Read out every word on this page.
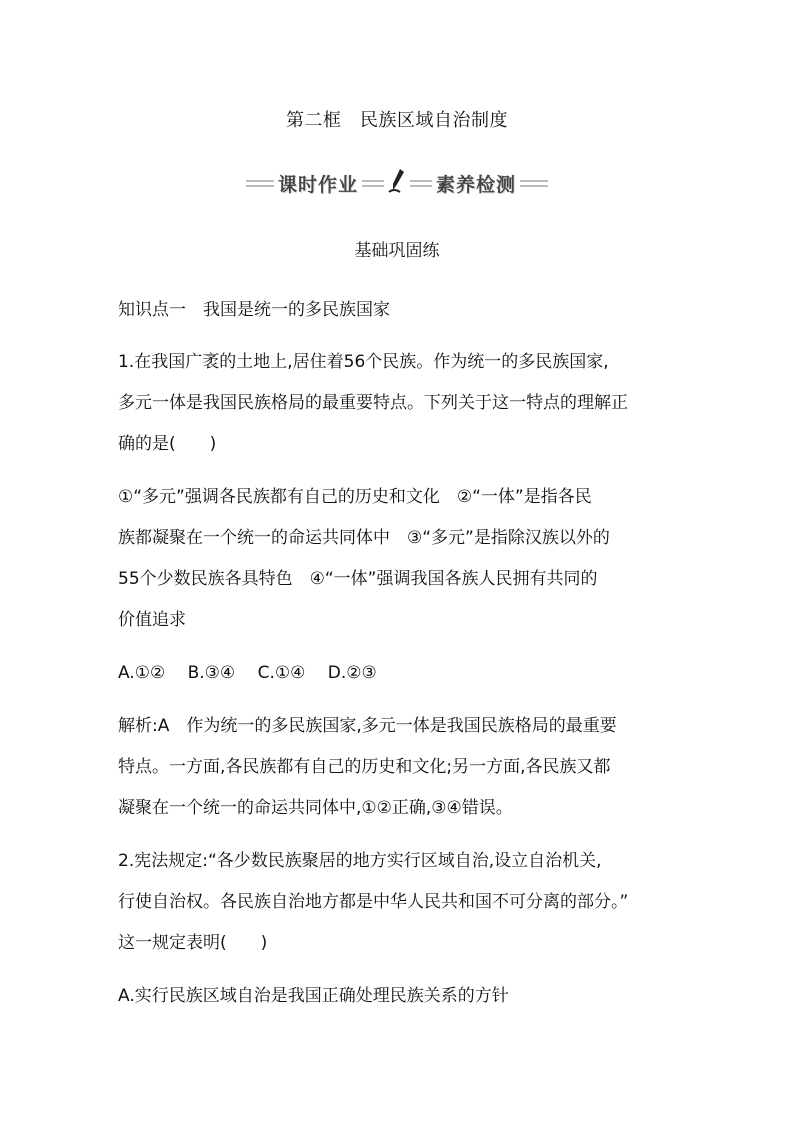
第二框　民族区域自治制度
课时作业	素养检测
基础巩固练
知识点一　我国是统一的多民族国家
1.在我国广袤的土地上,居住着56个民族。作为统一的多民族国家,
多元一体是我国民族格局的最重要特点。下列关于这一特点的理解正
确的是(　　)
①“多元”强调各民族都有自己的历史和文化　②“一体”是指各民
族都凝聚在一个统一的命运共同体中　③“多元”是指除汉族以外的
55个少数民族各具特色　④“一体”强调我国各族人民拥有共同的
价值追求
A.①②　 B.③④　 C.①④　 D.②③
解析:A　作为统一的多民族国家,多元一体是我国民族格局的最重要
特点。一方面,各民族都有自己的历史和文化;另一方面,各民族又都
凝聚在一个统一的命运共同体中,①②正确,③④错误。
2.宪法规定:“各少数民族聚居的地方实行区域自治,设立自治机关,
行使自治权。各民族自治地方都是中华人民共和国不可分离的部分。”
这一规定表明(　　)
A.实行民族区域自治是我国正确处理民族关系的方针
